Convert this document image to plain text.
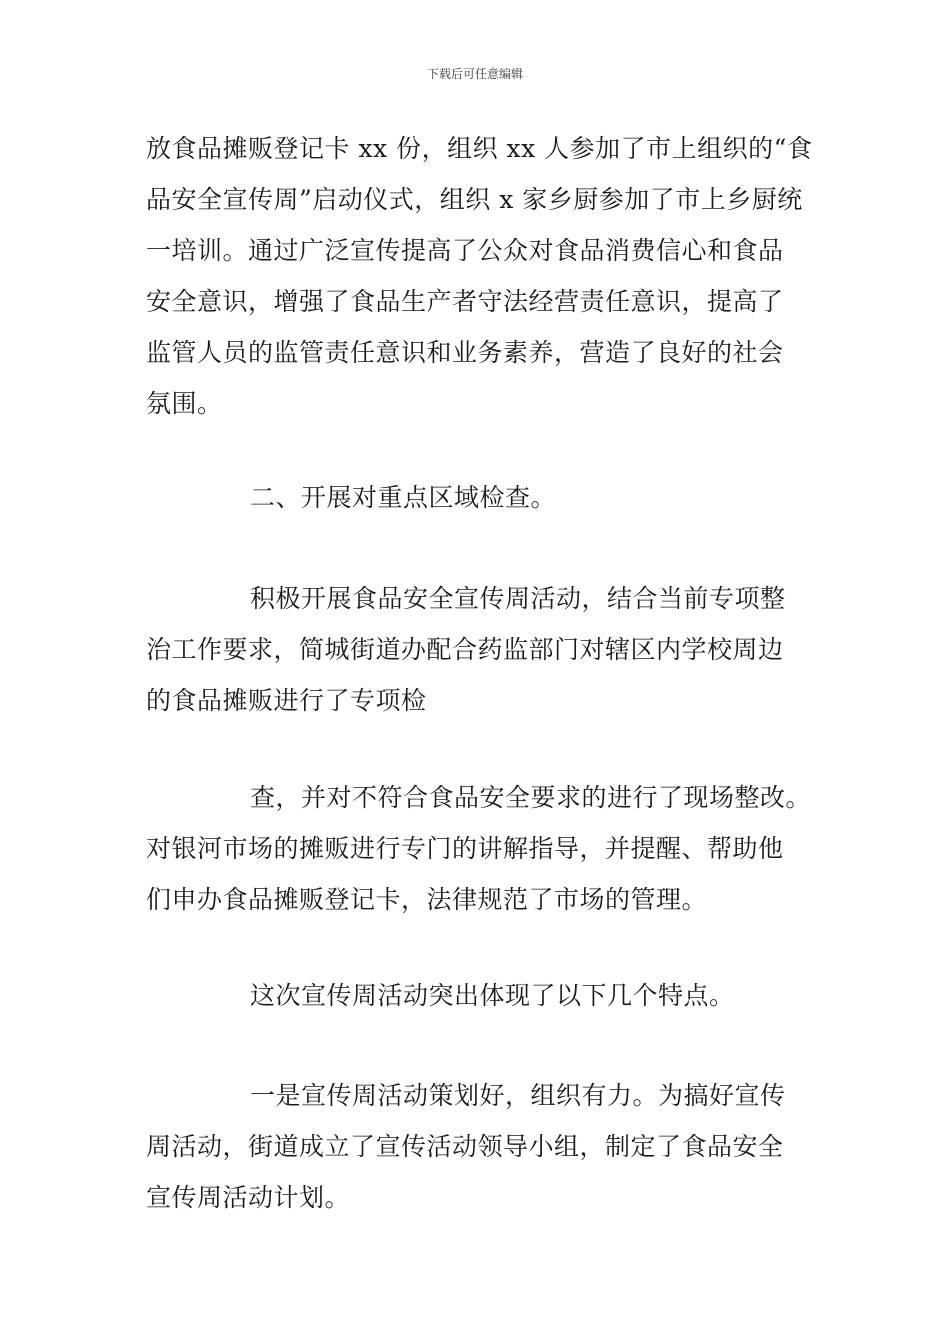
下载后可任意编辑
放食品摊贩登记卡 xx 份，组织 xx 人参加了市上组织的“食
品安全宣传周”启动仪式，组织 x 家乡厨参加了市上乡厨统
一培训。通过广泛宣传提高了公众对食品消费信心和食品
安全意识，增强了食品生产者守法经营责任意识，提高了
监管人员的监管责任意识和业务素养，营造了良好的社会
氛围。
二、开展对重点区域检查。
积极开展食品安全宣传周活动，结合当前专项整
治工作要求，简城街道办配合药监部门对辖区内学校周边
的食品摊贩进行了专项检
查，并对不符合食品安全要求的进行了现场整改。
对银河市场的摊贩进行专门的讲解指导，并提醒、帮助他
们申办食品摊贩登记卡，法律规范了市场的管理。
这次宣传周活动突出体现了以下几个特点。
一是宣传周活动策划好，组织有力。为搞好宣传
周活动，街道成立了宣传活动领导小组，制定了食品安全
宣传周活动计划。
